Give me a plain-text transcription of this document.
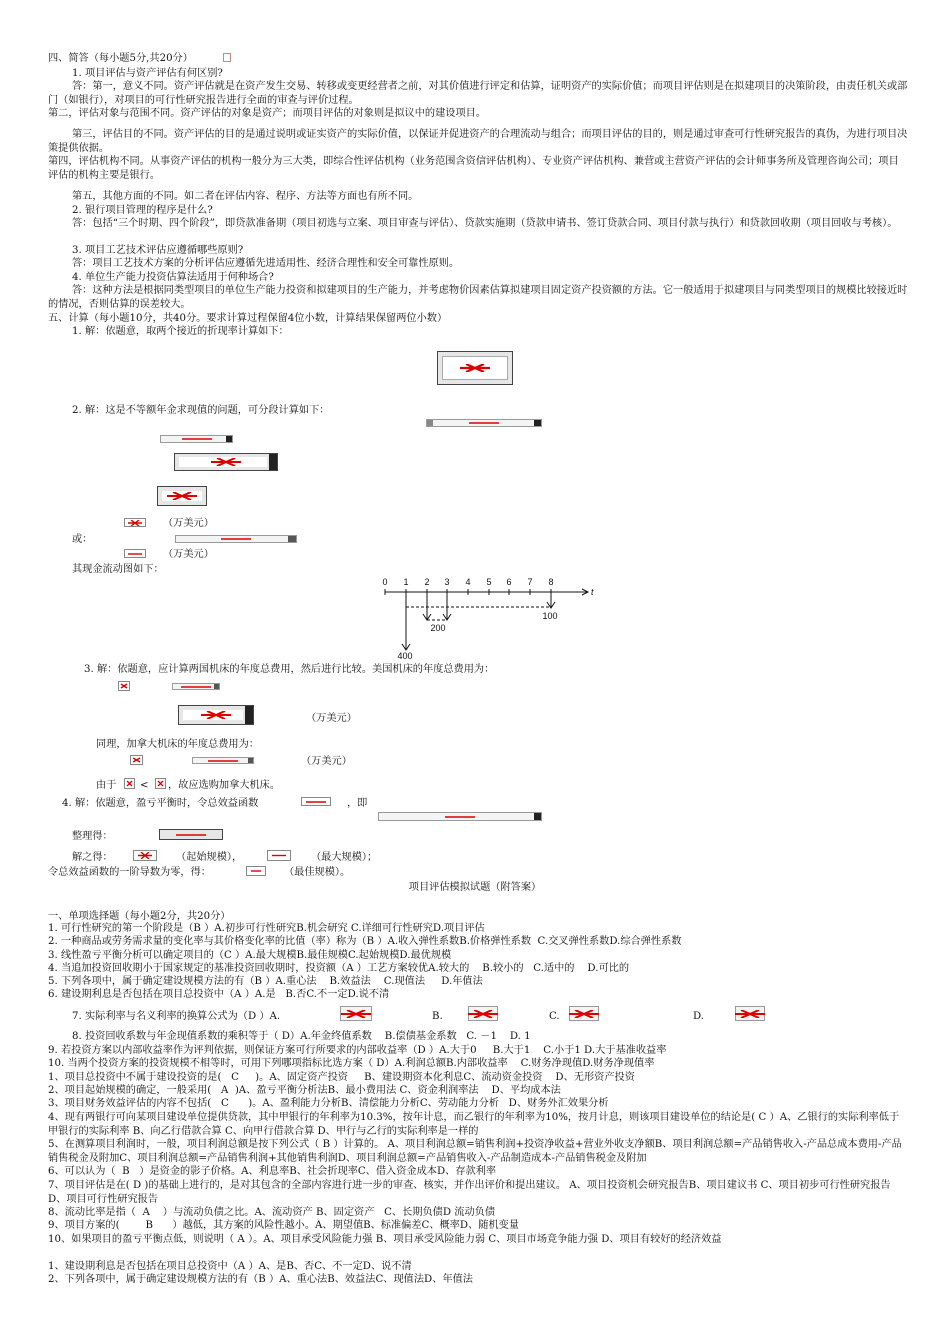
四、简答（每小题5分,共20分）

1. 项目评估与资产评估有何区别?

答：第一，意义不同。资产评估就是在资产发生交易、转移或变更经营者之前，对其价值进行评定和估算，证明资产的实际价值；而项目评估则是在拟建项目的决策阶段，由责任机关或部门（如银行），对项目的可行性研究报告进行全面的审查与评价过程。

第二，评估对象与范围不同。资产评估的对象是资产；而项目评估的对象则是拟议中的建设项目。

第三，评估目的不同。资产评估的目的是通过说明或证实资产的实际价值，以保证并促进资产的合理流动与组合；而项目评估的目的，则是通过审查可行性研究报告的真伪，为进行项目决策提供依据。

第四，评估机构不同。从事资产评估的机构一般分为三大类，即综合性评估机构（业务范围含资信评估机构）、专业资产评估机构、兼营或主营资产评估的会计师事务所及管理咨询公司；项目评估的机构主要是银行。

第五，其他方面的不同。如二者在评估内容、程序、方法等方面也有所不同。

2. 银行项目管理的程序是什么?

答：包括“三个时期、四个阶段”，即贷款准备期（项目初选与立案、项目审查与评估）、贷款实施期（贷款申请书、签订贷款合同、项目付款与执行）和贷款回收期（项目回收与考核）。

3. 项目工艺技术评估应遵循哪些原则?

答：项目工艺技术方案的分析评估应遵循先进适用性、经济合理性和安全可靠性原则。

4. 单位生产能力投资估算法适用于何种场合?

答：这种方法是根据同类型项目的单位生产能力投资和拟建项目的生产能力，并考虑物价因素估算拟建项目固定资产投资额的方法。它一般适用于拟建项目与同类型项目的规模比较接近时的情况，否则估算的误差较大。

五、计算（每小题10分，共40分。要求计算过程保留4位小数，计算结果保留两位小数）

1. 解：依题意，取两个接近的折现率计算如下：

2. 解：这是不等额年金求现值的问题，可分段计算如下：

（万美元）

或：

（万美元）

其现金流动图如下：

0 1 2 3 4 5 6 7 8
t
100
200
400

3. 解：依题意，应计算两国机床的年度总费用，然后进行比较。美国机床的年度总费用为：

（万美元）

同理，加拿大机床的年度总费用为：

（万美元）

由于 < ，故应选购加拿大机床。

4. 解：依题意，盈亏平衡时，令总效益函数	，即

整理得：

解之得：	（起始规模），	（最大规模）；

令总效益函数的一阶导数为零，得：	（最佳规模）。

项目评估模拟试题（附答案）

一、单项选择题（每小题2分，共20分）

1. 可行性研究的第一个阶段是（B ）A.初步可行性研究B.机会研究 C.详细可行性研究D.项目评估

2. 一种商品或劳务需求量的变化率与其价格变化率的比值（率）称为（B ）A.收入弹性系数B.价格弹性系数  C.交叉弹性系数D.综合弹性系数

3. 线性盈亏平衡分析可以确定项目的（C ）A.最大规模B.最佳规模C.起始规模D.最优规模

4. 当追加投资回收期小于国家规定的基准投资回收期时，投资额（A ）工艺方案较优A.较大的    B.较小的   C.适中的    D.可比的

5. 下列各项中，属于确定建设规模方法的有（B ）A.重心法    B.效益法    C.现值法     D.年值法

6. 建设期利息是否包括在项目总投资中（A ）A.是   B.否C.不一定D.说不清

7. 实际利率与名义利率的换算公式为（D ）A.	B.	C.	D.

8. 投资回收系数与年金现值系数的乘积等于（ D）A.年金终值系数    B.偿债基金系数   C. －1    D. 1

9. 若投资方案以内部收益率作为评判依据，则保证方案可行所要求的内部收益率（D ）A.大于0     B.大于1    C.小于1 D.大于基准收益率

10. 当两个投资方案的投资规模不相等时，可用下列哪项指标比选方案（ D）A.利润总额B.内部收益率    C.财务净现值D.财务净现值率

1、项目总投资中不属于建设投资的是(   C     )。A、固定资产投资     B、建设期资本化利息C、流动资金投资    D、无形资产投资

2、项目起始规模的确定，一般采用(   A  )A、盈亏平衡分析法B、最小费用法 C、资金利润率法    D、平均成本法

3、项目财务效益评估的内容不包括(   C      )。A、盈利能力分析B、清偿能力分析C、劳动能力分析   D、财务外汇效果分析

4、现有两银行可向某项目建设单位提供贷款，其中甲银行的年利率为10.3%，按年计息，而乙银行的年利率为10%，按月计息，则该项目建设单位的结论是( C ）A、乙银行的实际利率低于甲银行的实际利率 B、向乙行借款合算 C、向甲行借款合算 D、甲行与乙行的实际利率是一样的

5、在测算项目利润时，一般，项目利润总额是按下列公式（ B ）计算的。 A、项目利润总额=销售利润+投资净收益+营业外收支净额B、项目利润总额=产品销售收入-产品总成本费用-产品销售税金及附加C、项目利润总额=产品销售利润+其他销售利润D、项目利润总额=产品销售收入-产品制造成本-产品销售税金及附加

6、可以认为（  B   ）是资金的影子价格。A、利息率B、社会折现率C、借入资金成本D、存款利率

7、项目评估是在( D )的基础上进行的，是对其包含的全部内容进行进一步的审查、核实，并作出评价和提出建议。 A、项目投资机会研究报告B、项目建议书 C、项目初步可行性研究报告D、项目可行性研究报告

8、流动比率是指（  A    ）与流动负债之比。A、流动资产 B、固定资产   C、长期负债D 流动负债

9、项目方案的(        B      ）越低，其方案的风险性越小。A、期望值B、标准偏差C、概率D、随机变量

10、如果项目的盈亏平衡点低，则说明（ A ）。A、项目承受风险能力强 B、项目承受风险能力弱 C、项目市场竞争能力强 D、项目有较好的经济效益

1、建设期利息是否包括在项目总投资中（A ）A、是B、否C、不一定D、说不清

2、下列各项中，属于确定建设规模方法的有（B ）A、重心法B、效益法C、现值法D、年值法
